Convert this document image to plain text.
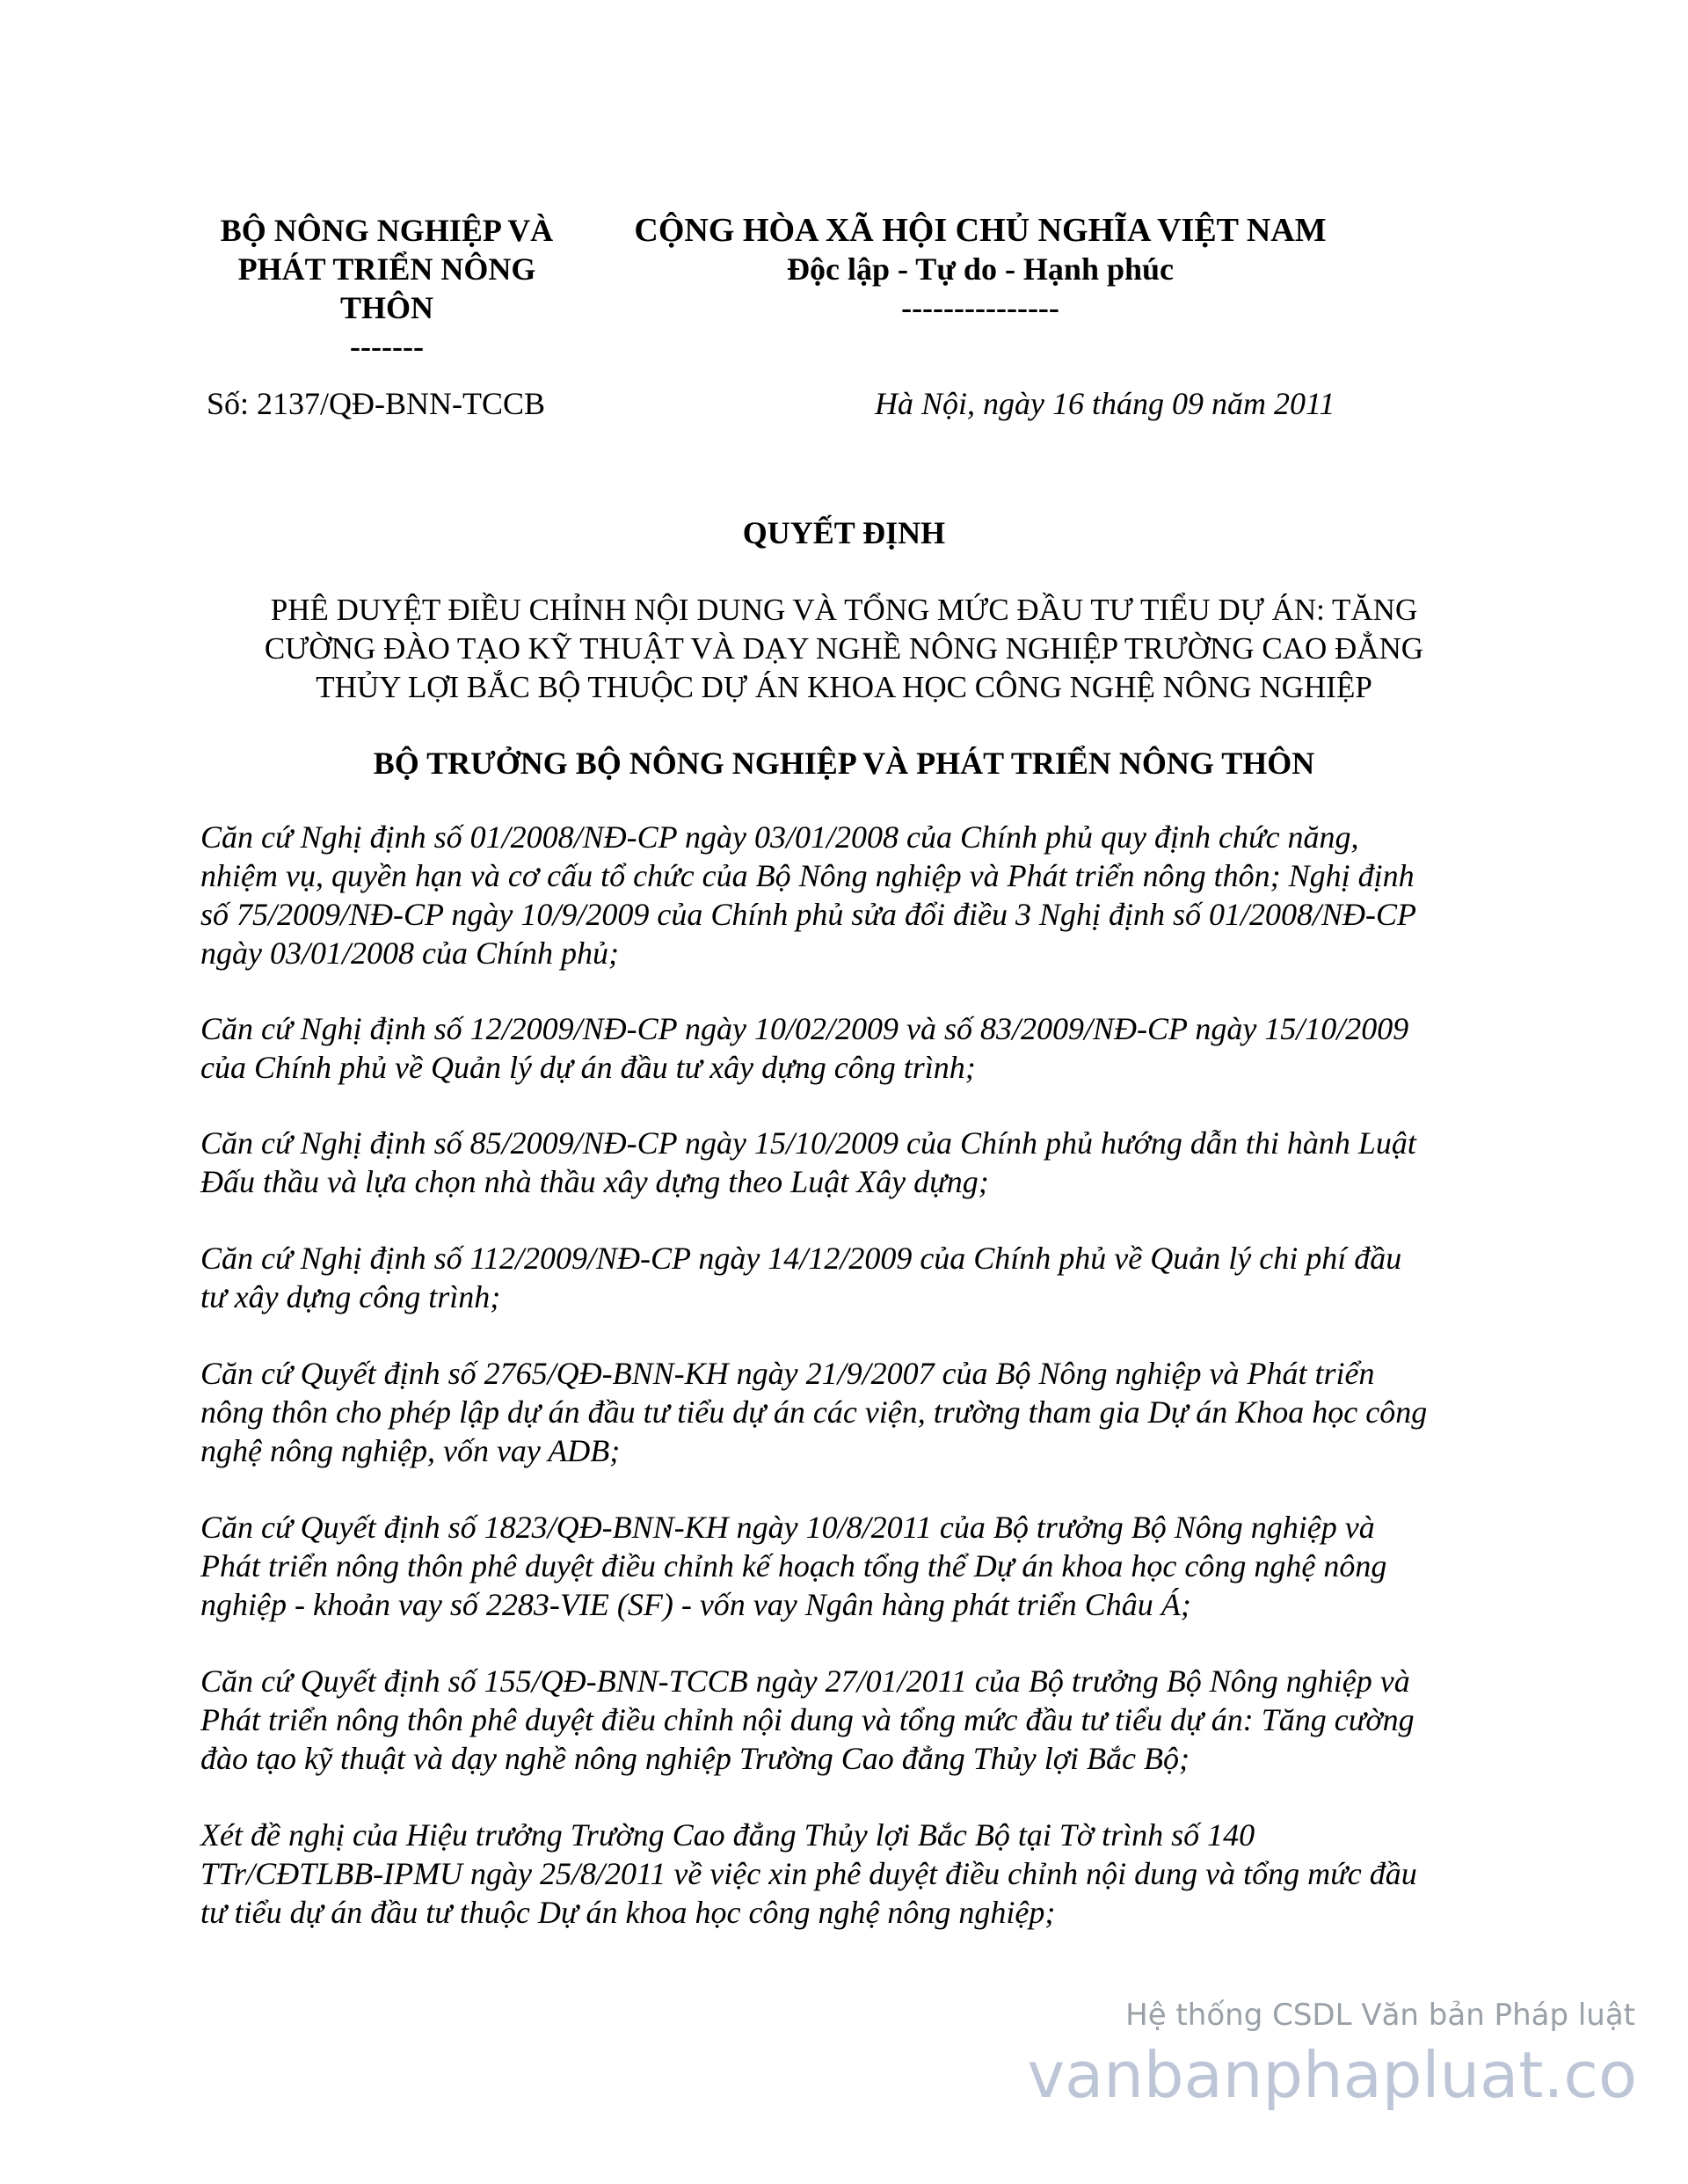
BỘ NÔNG NGHIỆP VÀ
PHÁT TRIỂN NÔNG
THÔN
-------
CỘNG HÒA XÃ HỘI CHỦ NGHĨA VIỆT NAM
Độc lập - Tự do - Hạnh phúc
---------------
Số: 2137/QĐ-BNN-TCCB	Hà Nội, ngày 16 tháng 09 năm 2011
QUYẾT ĐỊNH
PHÊ DUYỆT ĐIỀU CHỈNH NỘI DUNG VÀ TỔNG MỨC ĐẦU TƯ TIỂU DỰ ÁN: TĂNG
CƯỜNG ĐÀO TẠO KỸ THUẬT VÀ DẠY NGHỀ NÔNG NGHIỆP TRƯỜNG CAO ĐẲNG
THỦY LỢI BẮC BỘ THUỘC DỰ ÁN KHOA HỌC CÔNG NGHỆ NÔNG NGHIỆP
BỘ TRƯỞNG BỘ NÔNG NGHIỆP VÀ PHÁT TRIỂN NÔNG THÔN
Căn cứ Nghị định số 01/2008/NĐ-CP ngày 03/01/2008 của Chính phủ quy định chức năng,
nhiệm vụ, quyền hạn và cơ cấu tổ chức của Bộ Nông nghiệp và Phát triển nông thôn; Nghị định
số 75/2009/NĐ-CP ngày 10/9/2009 của Chính phủ sửa đổi điều 3 Nghị định số 01/2008/NĐ-CP
ngày 03/01/2008 của Chính phủ;
Căn cứ Nghị định số 12/2009/NĐ-CP ngày 10/02/2009 và số 83/2009/NĐ-CP ngày 15/10/2009
của Chính phủ về Quản lý dự án đầu tư xây dựng công trình;
Căn cứ Nghị định số 85/2009/NĐ-CP ngày 15/10/2009 của Chính phủ hướng dẫn thi hành Luật
Đấu thầu và lựa chọn nhà thầu xây dựng theo Luật Xây dựng;
Căn cứ Nghị định số 112/2009/NĐ-CP ngày 14/12/2009 của Chính phủ về Quản lý chi phí đầu
tư xây dựng công trình;
Căn cứ Quyết định số 2765/QĐ-BNN-KH ngày 21/9/2007 của Bộ Nông nghiệp và Phát triển
nông thôn cho phép lập dự án đầu tư tiểu dự án các viện, trường tham gia Dự án Khoa học công
nghệ nông nghiệp, vốn vay ADB;
Căn cứ Quyết định số 1823/QĐ-BNN-KH ngày 10/8/2011 của Bộ trưởng Bộ Nông nghiệp và
Phát triển nông thôn phê duyệt điều chỉnh kế hoạch tổng thể Dự án khoa học công nghệ nông
nghiệp - khoản vay số 2283-VIE (SF) - vốn vay Ngân hàng phát triển Châu Á;
Căn cứ Quyết định số 155/QĐ-BNN-TCCB ngày 27/01/2011 của Bộ trưởng Bộ Nông nghiệp và
Phát triển nông thôn phê duyệt điều chỉnh nội dung và tổng mức đầu tư tiểu dự án: Tăng cường
đào tạo kỹ thuật và dạy nghề nông nghiệp Trường Cao đẳng Thủy lợi Bắc Bộ;
Xét đề nghị của Hiệu trưởng Trường Cao đẳng Thủy lợi Bắc Bộ tại Tờ trình số 140
TTr/CĐTLBB-IPMU ngày 25/8/2011 về việc xin phê duyệt điều chỉnh nội dung và tổng mức đầu
tư tiểu dự án đầu tư thuộc Dự án khoa học công nghệ nông nghiệp;
Hệ thống CSDL Văn bản Pháp luật
vanbanphapluat.co
